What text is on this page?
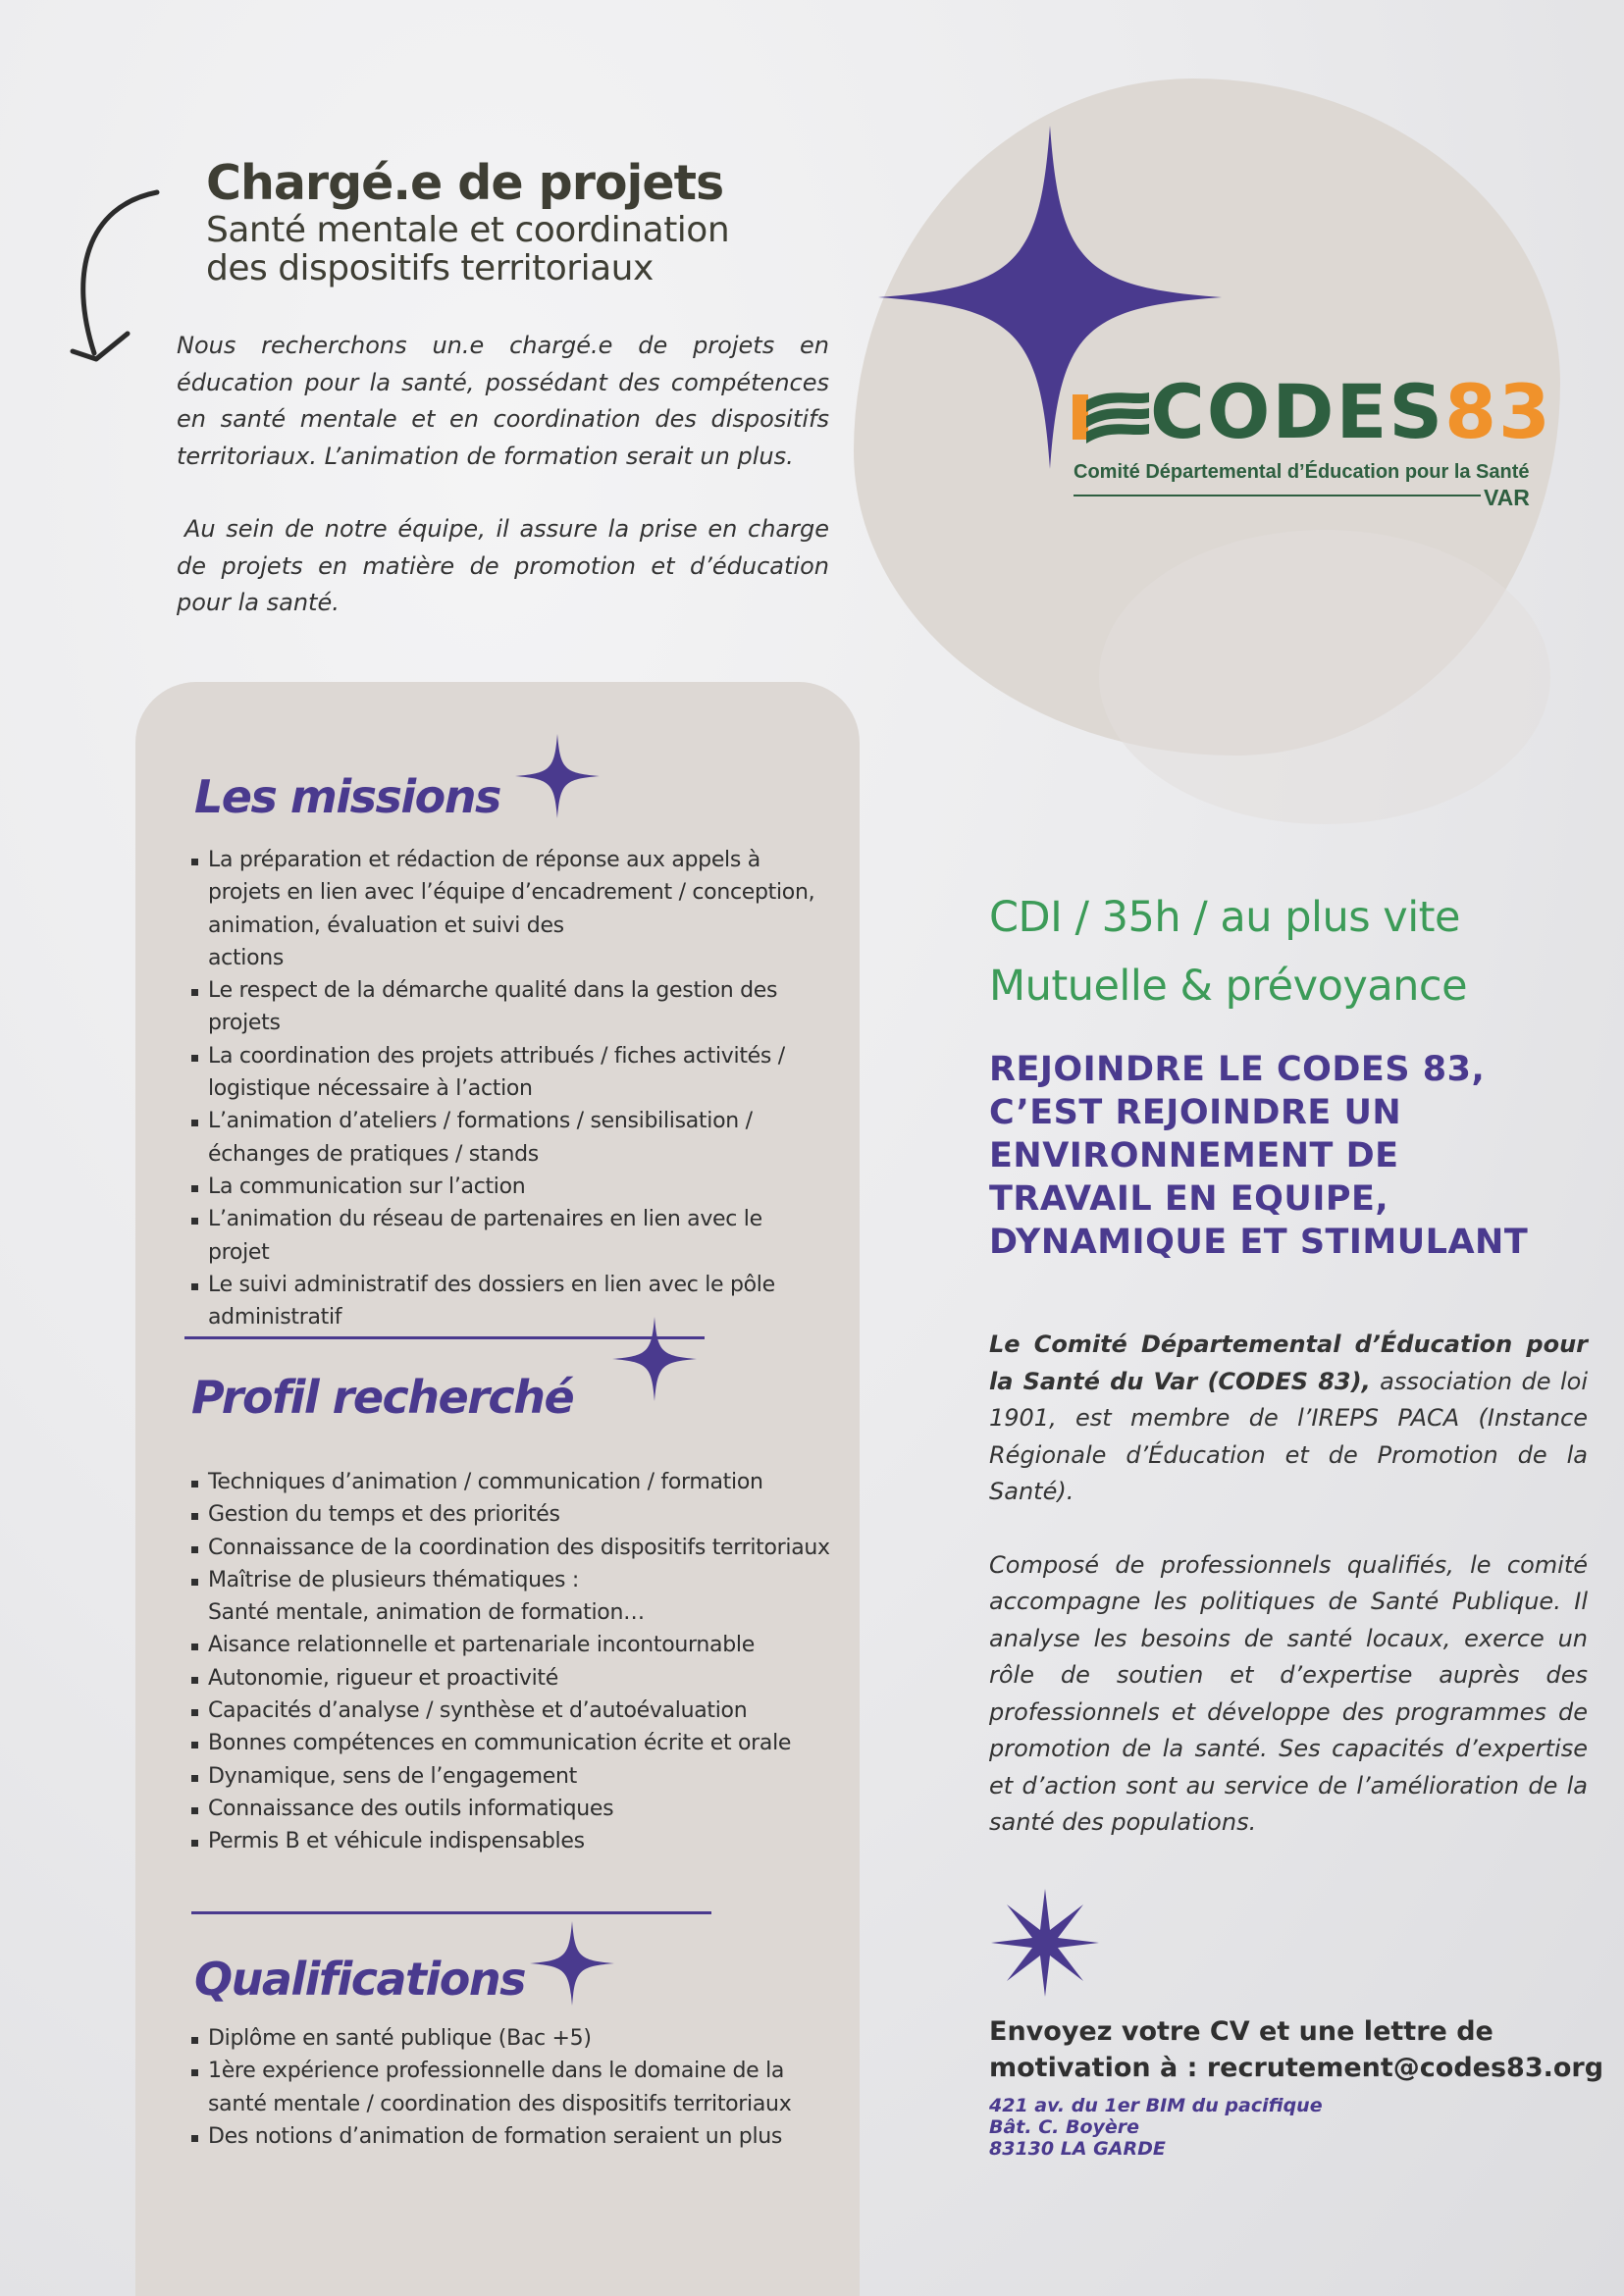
Chargé.e de projets
Santé mentale et coordination
des dispositifs territoriaux

Nous recherchons un.e chargé.e de projets en éducation pour la santé, possédant des compétences en santé mentale et en coordination des dispositifs territoriaux. L’animation de formation serait un plus.

Au sein de notre équipe, il assure la prise en charge de projets en matière de promotion et d’éducation pour la santé.

CODES83
Comité Départemental d’Éducation pour la Santé
VAR
Les missions
La préparation et rédaction de réponse aux appels à
projets en lien avec l’équipe d’encadrement / conception,
animation, évaluation et suivi des
actions
Le respect de la démarche qualité dans la gestion des
projets
La coordination des projets attribués / fiches activités /
logistique nécessaire à l’action
L’animation d’ateliers / formations / sensibilisation /
échanges de pratiques / stands
La communication sur l’action
L’animation du réseau de partenaires en lien avec le
projet
Le suivi administratif des dossiers en lien avec le pôle
administratif
Profil recherché
Techniques d’animation / communication / formation
Gestion du temps et des priorités
Connaissance de la coordination des dispositifs territoriaux
Maîtrise de plusieurs thématiques :
Santé mentale, animation de formation…
Aisance relationnelle et partenariale incontournable
Autonomie, rigueur et proactivité
Capacités d’analyse / synthèse et d’autoévaluation
Bonnes compétences en communication écrite et orale
Dynamique, sens de l’engagement
Connaissance des outils informatiques
Permis B et véhicule indispensables
Qualifications
Diplôme en santé publique (Bac +5)
1ère expérience professionnelle dans le domaine de la
santé mentale / coordination des dispositifs territoriaux
Des notions d’animation de formation seraient un plus
CDI / 35h / au plus vite
Mutuelle & prévoyance
REJOINDRE LE CODES 83,
C’EST REJOINDRE UN
ENVIRONNEMENT DE
TRAVAIL EN EQUIPE,
DYNAMIQUE ET STIMULANT

Le Comité Départemental d’Éducation pour la Santé du Var (CODES 83), association de loi 1901, est membre de l’IREPS PACA (Instance Régionale d’Éducation et de Promotion de la Santé).

Composé de professionnels qualifiés, le comité accompagne les politiques de Santé Publique. Il analyse les besoins de santé locaux, exerce un rôle de soutien et d’expertise auprès des professionnels et développe des programmes de promotion de la santé. Ses capacités d’expertise et d’action sont au service de l’amélioration de la santé des populations.

Envoyez votre CV et une lettre de
motivation à : recrutement@codes83.org
421 av. du 1er BIM du pacifique
Bât. C. Boyère
83130 LA GARDE
